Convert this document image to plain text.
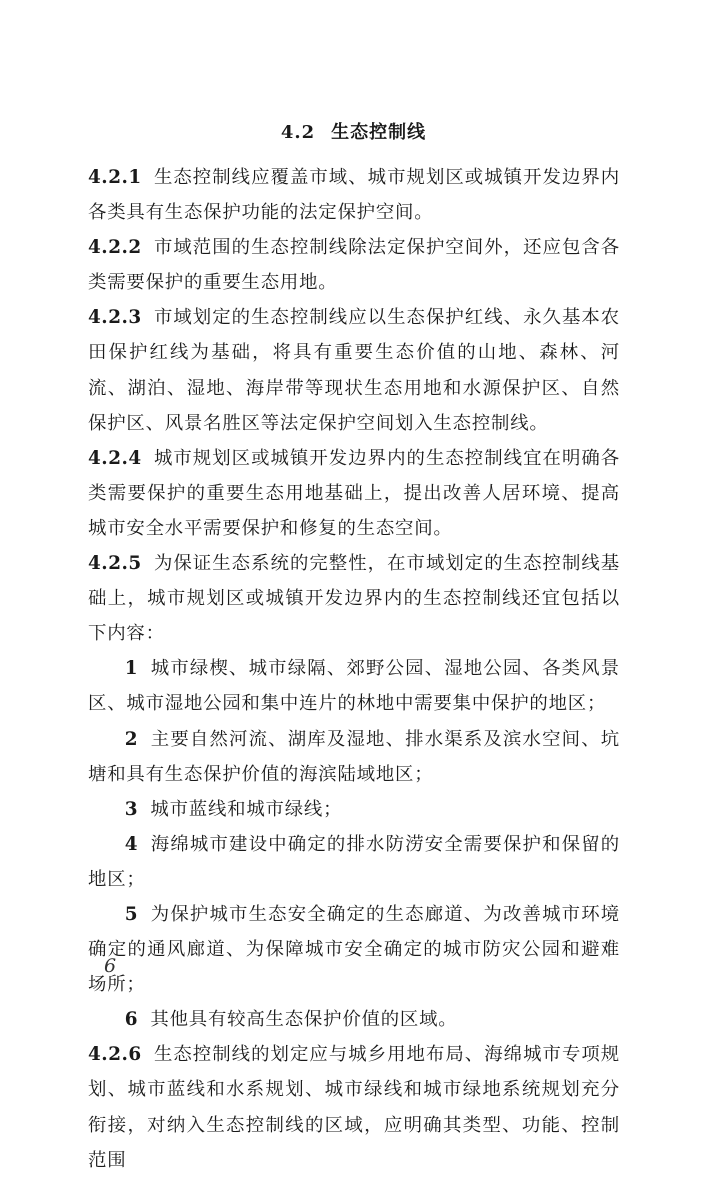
4.2 生态控制线

4.2.1 生态控制线应覆盖市域、城市规划区或城镇开发边界内各类具有生态保护功能的法定保护空间。

4.2.2 市域范围的生态控制线除法定保护空间外，还应包含各类需要保护的重要生态用地。

4.2.3 市域划定的生态控制线应以生态保护红线、永久基本农田保护红线为基础，将具有重要生态价值的山地、森林、河流、湖泊、湿地、海岸带等现状生态用地和水源保护区、自然保护区、风景名胜区等法定保护空间划入生态控制线。

4.2.4 城市规划区或城镇开发边界内的生态控制线宜在明确各类需要保护的重要生态用地基础上，提出改善人居环境、提高城市安全水平需要保护和修复的生态空间。

4.2.5 为保证生态系统的完整性，在市域划定的生态控制线基础上，城市规划区或城镇开发边界内的生态控制线还宜包括以下内容：

1 城市绿楔、城市绿隔、郊野公园、湿地公园、各类风景区、城市湿地公园和集中连片的林地中需要集中保护的地区；

2 主要自然河流、湖库及湿地、排水渠系及滨水空间、坑塘和具有生态保护价值的海滨陆域地区；

3 城市蓝线和城市绿线；

4 海绵城市建设中确定的排水防涝安全需要保护和保留的地区；

5 为保护城市生态安全确定的生态廊道、为改善城市环境确定的通风廊道、为保障城市安全确定的城市防灾公园和避难场所；

6 其他具有较高生态保护价值的区域。

4.2.6 生态控制线的划定应与城乡用地布局、海绵城市专项规划、城市蓝线和水系规划、城市绿线和城市绿地系统规划充分衔接，对纳入生态控制线的区域，应明确其类型、功能、控制范围

6
